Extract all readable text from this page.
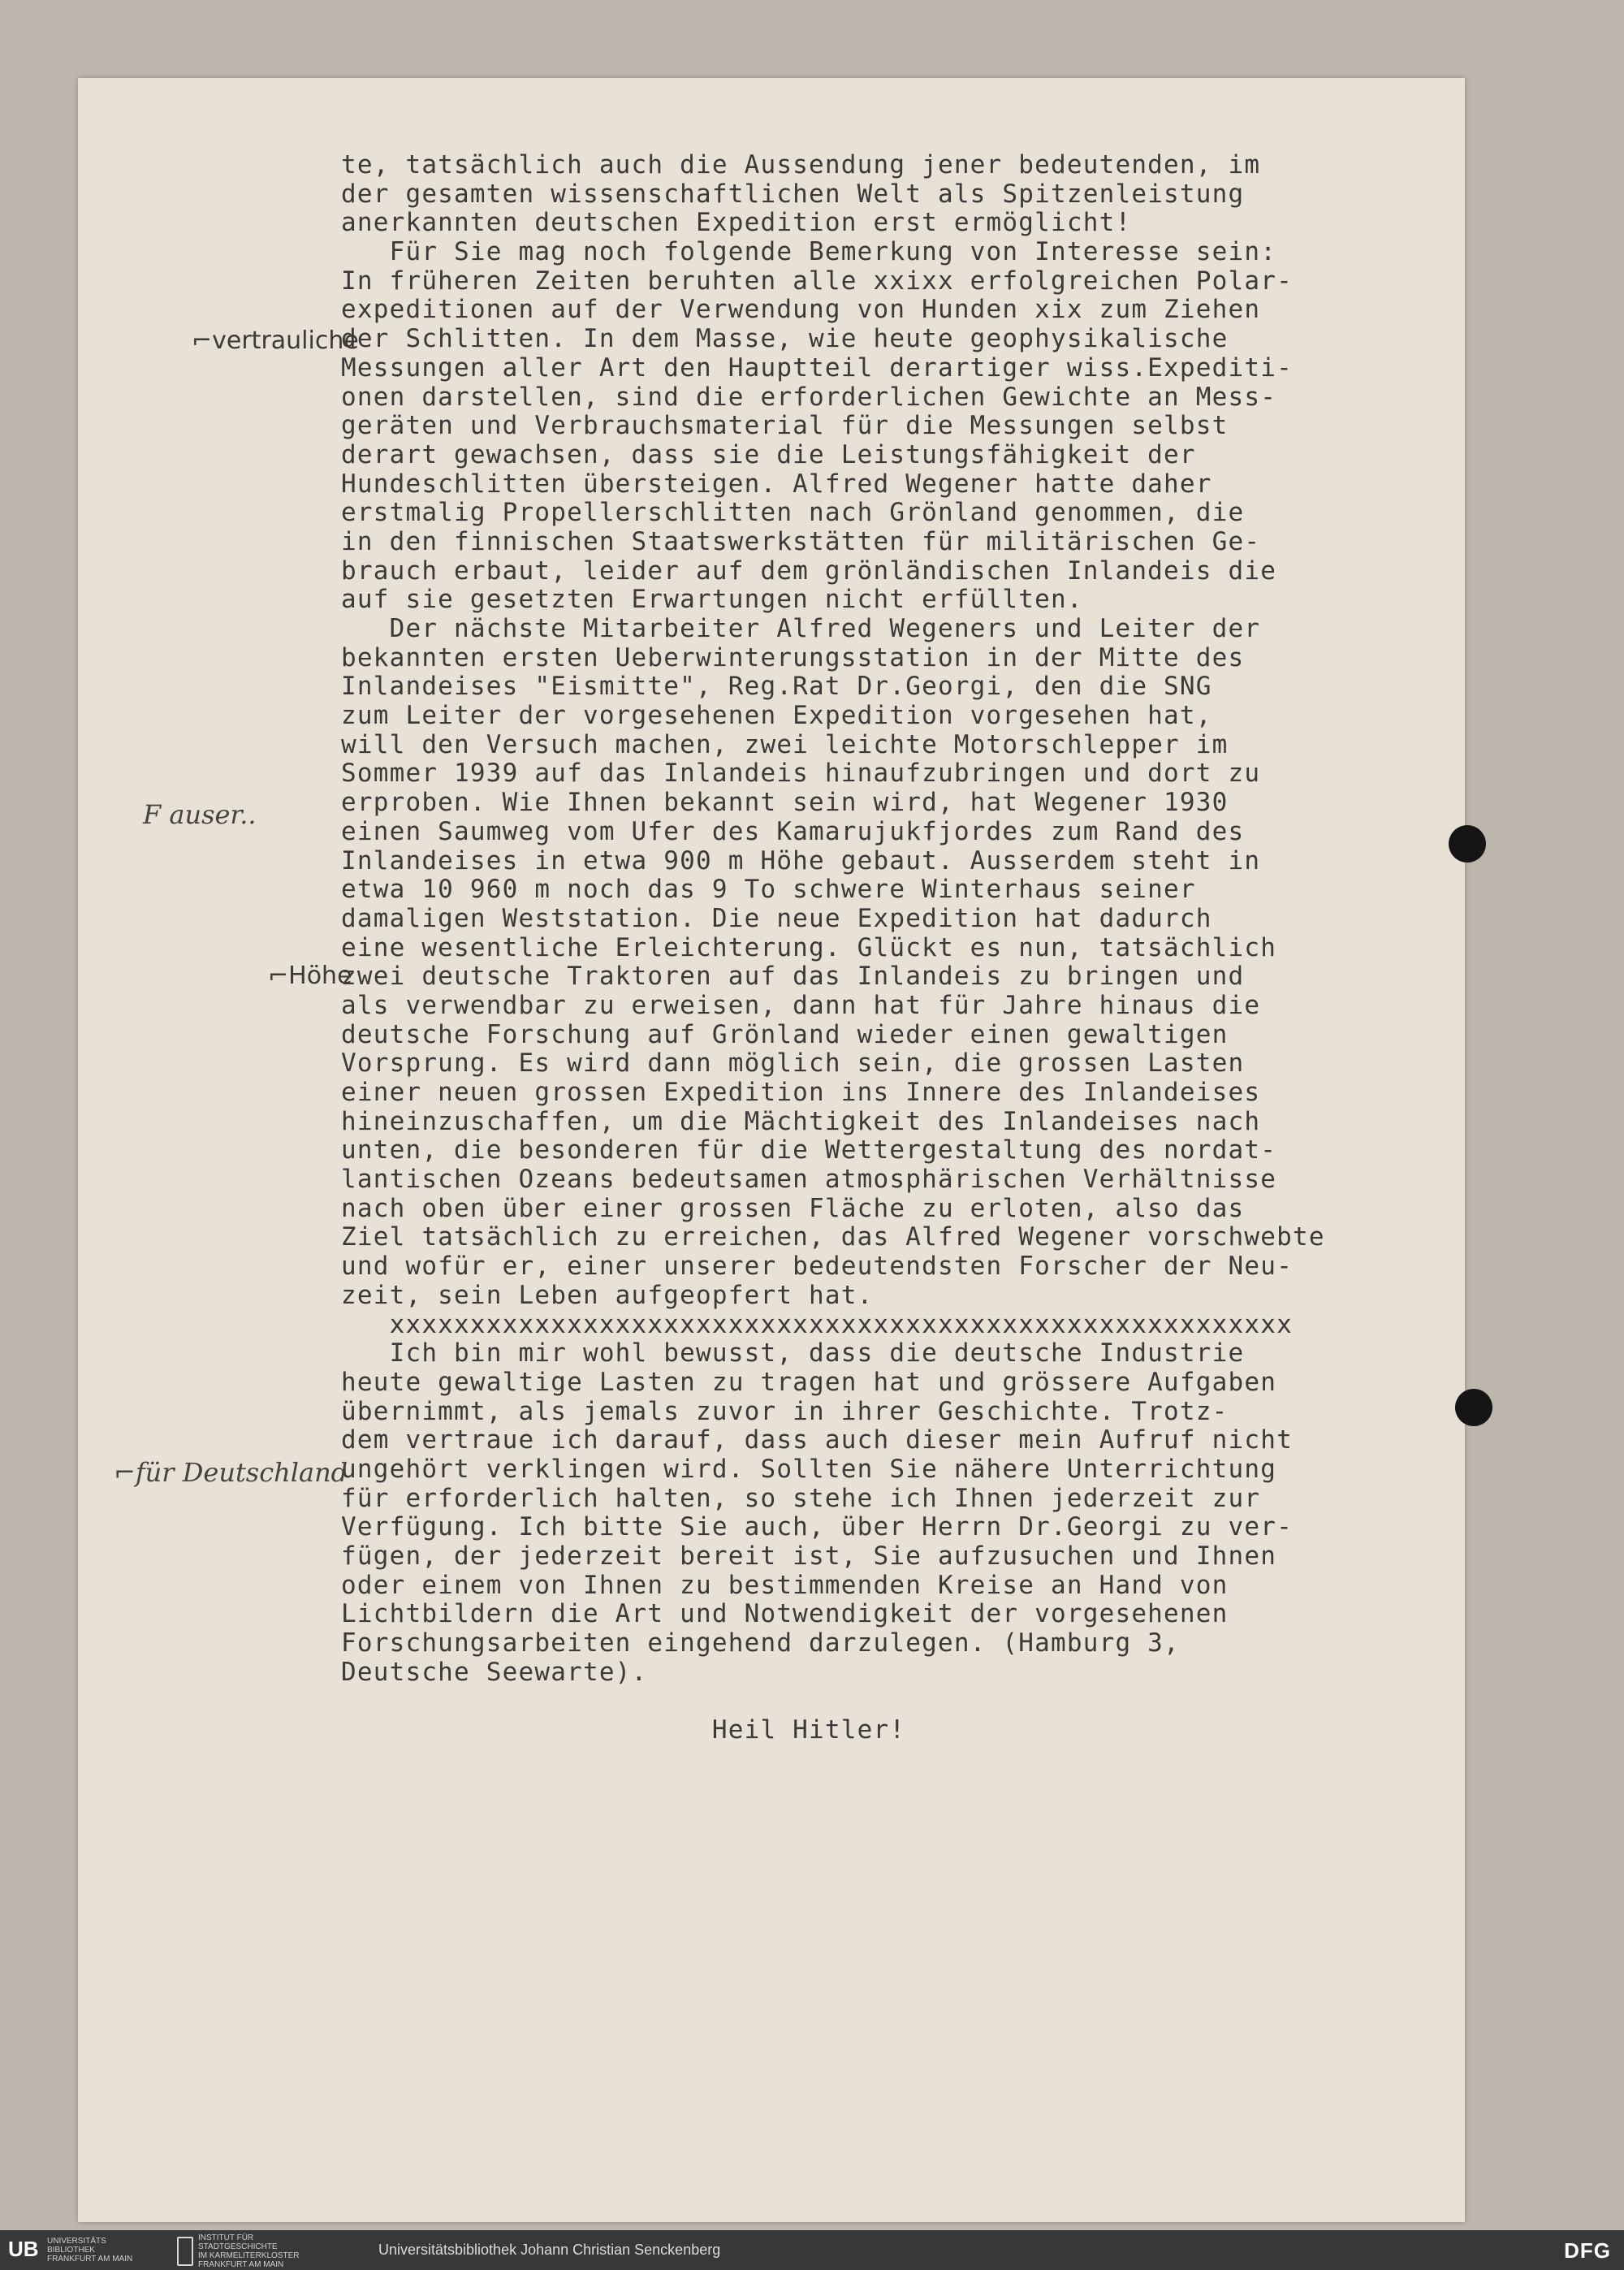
te, tatsächlich auch die Aussendung jener bedeutenden, im
der gesamten wissenschaftlichen Welt als Spitzenleistung
anerkannten deutschen Expedition erst ermöglicht!
Für Sie mag noch folgende Bemerkung von Interesse sein:
In früheren Zeiten beruhten alle xxixx erfolgreichen Polar-
expeditionen auf der Verwendung von Hunden xix zum Ziehen
der Schlitten. In dem Masse, wie heute geophysikalische
Messungen aller Art den Hauptteil derartiger wiss.Expediti-
onen darstellen, sind die erforderlichen Gewichte an Mess-
geräten und Verbrauchsmaterial für die Messungen selbst
derart gewachsen, dass sie die Leistungsfähigkeit der
Hundeschlitten übersteigen. Alfred Wegener hatte daher
erstmalig Propellerschlitten nach Grönland genommen, die
in den finnischen Staatswerkstätten für militärischen Ge-
brauch erbaut, leider auf dem grönländischen Inlandeis die
auf sie gesetzten Erwartungen nicht erfüllten.
Der nächste Mitarbeiter Alfred Wegeners und Leiter der
bekannten ersten Ueberwinterungsstation in der Mitte des
Inlandeises "Eismitte", Reg.Rat Dr.Georgi, den die SNG
zum Leiter der vorgesehenen Expedition vorgesehen hat,
will den Versuch machen, zwei leichte Motorschlepper im
Sommer 1939 auf das Inlandeis hinaufzubringen und dort zu
erproben. Wie Ihnen bekannt sein wird, hat Wegener 1930
einen Saumweg vom Ufer des Kamarujukfjordes zum Rand des
Inlandeises in etwa 900 m Höhe gebaut. Ausserdem steht in
etwa 10 960 m noch das 9 To schwere Winterhaus seiner
damaligen Weststation. Die neue Expedition hat dadurch
eine wesentliche Erleichterung. Glückt es nun, tatsächlich
zwei deutsche Traktoren auf das Inlandeis zu bringen und
als verwendbar zu erweisen, dann hat für Jahre hinaus die
deutsche Forschung auf Grönland wieder einen gewaltigen
Vorsprung. Es wird dann möglich sein, die grossen Lasten
einer neuen grossen Expedition ins Innere des Inlandeises
hineinzuschaffen, um die Mächtigkeit des Inlandeises nach
unten, die besonderen für die Wettergestaltung des nordat-
lantischen Ozeans bedeutsamen atmosphärischen Verhältnisse
nach oben über einer grossen Fläche zu erloten, also das
Ziel tatsächlich zu erreichen, das Alfred Wegener vorschwebte
und wofür er, einer unserer bedeutendsten Forscher der Neu-
zeit, sein Leben aufgeopfert hat.
xxxxxxxxxxxxxxxxxxxxxxxxxxxxxxxxxxxxxxxxxxxxxxxxxxxxxxxx
Ich bin mir wohl bewusst, dass die deutsche Industrie
heute gewaltige Lasten zu tragen hat und grössere Aufgaben
übernimmt, als jemals zuvor in ihrer Geschichte. Trotz-
dem vertraue ich darauf, dass auch dieser mein Aufruf nicht
ungehört verklingen wird. Sollten Sie nähere Unterrichtung
für erforderlich halten, so stehe ich Ihnen jederzeit zur
Verfügung. Ich bitte Sie auch, über Herrn Dr.Georgi zu ver-
fügen, der jederzeit bereit ist, Sie aufzusuchen und Ihnen
oder einem von Ihnen zu bestimmenden Kreise an Hand von
Lichtbildern die Art und Notwendigkeit der vorgesehenen
Forschungsarbeiten eingehend darzulegen. (Hamburg 3,
Deutsche Seewarte).
Heil Hitler!
⌐vertrauliche
F auser..
⌐Höhe
⌐für Deutschland
UB UNIVERSITÄTS
BIBLIOTHEK
FRANKFURT AM MAIN
INSTITUT FÜR
STADTGESCHICHTE
IM KARMELITERKLOSTER
FRANKFURT AM MAIN
Universitätsbibliothek Johann Christian Senckenberg	DFG
